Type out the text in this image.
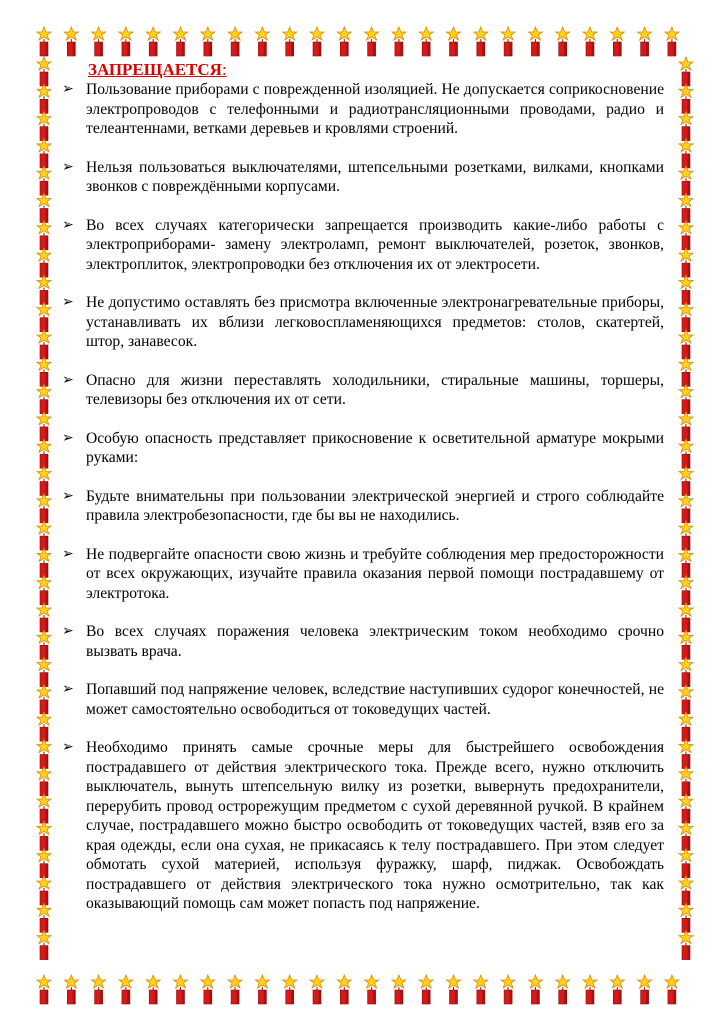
ЗАПРЕЩАЕТСЯ:
➢ Пользование приборами с поврежденной изоляцией. Не допускается соприкосновение электропроводов с телефонными и радиотрансляционными проводами, радио и телеантеннами, ветками деревьев и кровлями строений.
➢ Нельзя пользоваться выключателями, штепсельными розетками, вилками, кнопками звонков с повреждёнными корпусами.
➢ Во всех случаях категорически запрещается производить какие-либо работы с электроприборами- замену электроламп, ремонт выключателей, розеток, звонков, электроплиток, электропроводки без отключения их от электросети.
➢ Не допустимо оставлять без присмотра включенные электронагревательные приборы, устанавливать их вблизи легковоспламеняющихся предметов: столов, скатертей, штор, занавесок.
➢ Опасно для жизни переставлять холодильники, стиральные машины, торшеры, телевизоры без отключения их от сети.
➢ Особую опасность представляет прикосновение к осветительной арматуре мокрыми руками:
➢ Будьте внимательны при пользовании электрической энергией и строго соблюдайте правила электробезопасности, где бы вы не находились.
➢ Не подвергайте опасности свою жизнь и требуйте соблюдения мер предосторожности от всех окружающих, изучайте правила оказания первой помощи пострадавшему от электротока.
➢ Во всех случаях поражения человека электрическим током необходимо срочно вызвать врача.
➢ Попавший под напряжение человек, вследствие наступивших судорог конечностей, не может самостоятельно освободиться от токоведущих частей.
➢ Необходимо принять самые срочные меры для быстрейшего освобождения пострадавшего от действия электрического тока. Прежде всего, нужно отключить выключатель, вынуть штепсельную вилку из розетки, вывернуть предохранители, перерубить провод острорежущим предметом с сухой деревянной ручкой. В крайнем случае, пострадавшего можно быстро освободить от токоведущих частей, взяв его за края одежды, если она сухая, не прикасаясь к телу пострадавшего. При этом следует обмотать сухой материей, используя фуражку, шарф, пиджак. Освобождать пострадавшего от действия электрического тока нужно осмотрительно, так как оказывающий помощь сам может попасть под напряжение.
